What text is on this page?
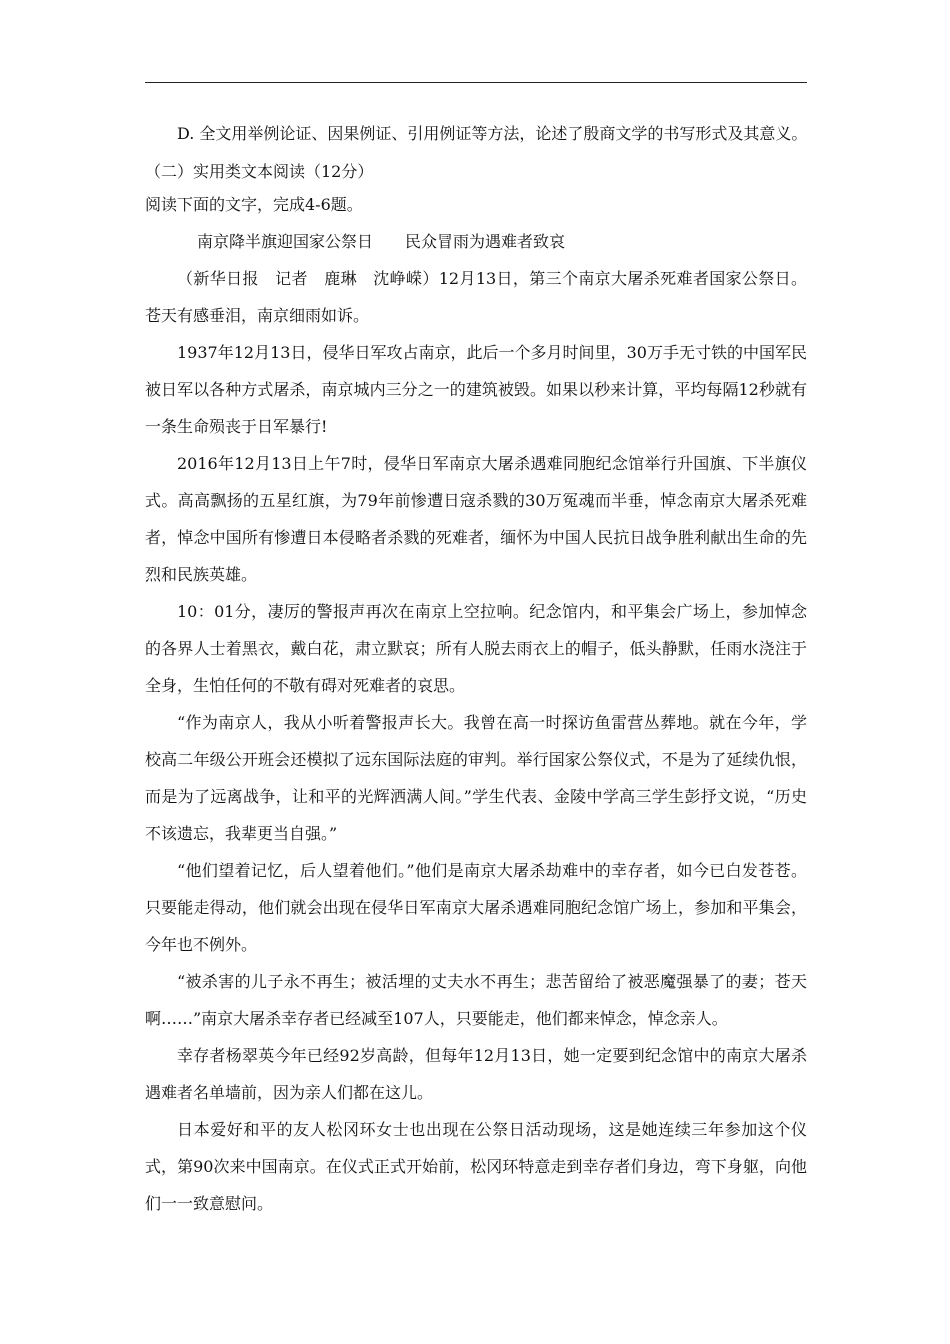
D. 全文用举例论证、因果例证、引用例证等方法，论述了殷商文学的书写形式及其意义。
（二）实用类文本阅读（12分）
阅读下面的文字，完成4-6题。
南京降半旗迎国家公祭日　　民众冒雨为遇难者致哀

（新华日报　记者　鹿琳　沈峥嵘）12月13日，第三个南京大屠杀死难者国家公祭日。苍天有感垂泪，南京细雨如诉。

1937年12月13日，侵华日军攻占南京，此后一个多月时间里，30万手无寸铁的中国军民被日军以各种方式屠杀，南京城内三分之一的建筑被毁。如果以秒来计算，平均每隔12秒就有一条生命殒丧于日军暴行!

2016年12月13日上午7时，侵华日军南京大屠杀遇难同胞纪念馆举行升国旗、下半旗仪式。高高飘扬的五星红旗，为79年前惨遭日寇杀戮的30万冤魂而半垂，悼念南京大屠杀死难者，悼念中国所有惨遭日本侵略者杀戮的死难者，缅怀为中国人民抗日战争胜利献出生命的先烈和民族英雄。

10：01分，凄厉的警报声再次在南京上空拉响。纪念馆内，和平集会广场上，参加悼念的各界人士着黑衣，戴白花，肃立默哀；所有人脱去雨衣上的帽子，低头静默，任雨水浇注于全身，生怕任何的不敬有碍对死难者的哀思。

“作为南京人，我从小听着警报声长大。我曾在高一时探访鱼雷营丛葬地。就在今年，学校高二年级公开班会还模拟了远东国际法庭的审判。举行国家公祭仪式，不是为了延续仇恨，而是为了远离战争，让和平的光辉洒满人间。”学生代表、金陵中学高三学生彭抒文说，“历史不该遗忘，我辈更当自强。”

“他们望着记忆，后人望着他们。”他们是南京大屠杀劫难中的幸存者，如今已白发苍苍。只要能走得动，他们就会出现在侵华日军南京大屠杀遇难同胞纪念馆广场上，参加和平集会，今年也不例外。

“被杀害的儿子永不再生；被活埋的丈夫水不再生；悲苦留给了被恶魔强暴了的妻；苍天啊……”南京大屠杀幸存者已经减至107人，只要能走，他们都来悼念，悼念亲人。

幸存者杨翠英今年已经92岁高龄，但每年12月13日，她一定要到纪念馆中的南京大屠杀遇难者名单墙前，因为亲人们都在这儿。

日本爱好和平的友人松冈环女士也出现在公祭日活动现场，这是她连续三年参加这个仪式，第90次来中国南京。在仪式正式开始前，松冈环特意走到幸存者们身边，弯下身躯，向他们一一致意慰问。
